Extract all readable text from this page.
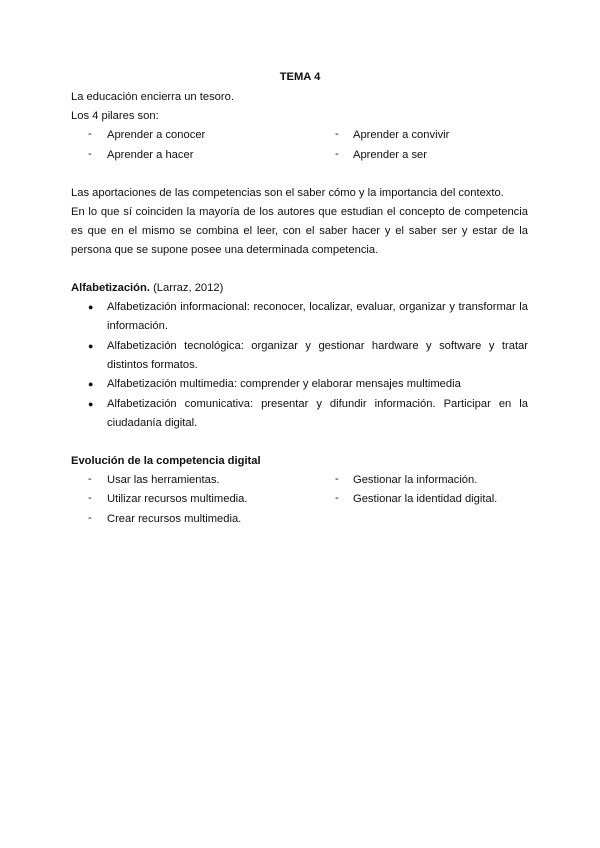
TEMA 4
La educación encierra un tesoro.
Los 4 pilares son:
-	Aprender a conocer	-	Aprender a convivir
-	Aprender a hacer	-	Aprender a ser
Las aportaciones de las competencias son el saber cómo y la importancia del contexto.
En lo que sí coinciden la mayoría de los autores que estudian el concepto de competencia
es que en el mismo se combina el leer, con el saber hacer y el saber ser y estar de la
persona que se supone posee una determinada competencia.
Alfabetización. (Larraz, 2012)
●	Alfabetización informacional: reconocer, localizar, evaluar, organizar y transformar la
información.
●	Alfabetización tecnológica: organizar y gestionar hardware y software y tratar
distintos formatos.
●	Alfabetización multimedia: comprender y elaborar mensajes multimedia
●	Alfabetización comunicativa: presentar y difundir información. Participar en la
ciudadanía digital.
Evolución de la competencia digital
-	Usar las herramientas.	-	Gestionar la información.
-	Utilizar recursos multimedia.	-	Gestionar la identidad digital.
-	Crear recursos multimedia.
